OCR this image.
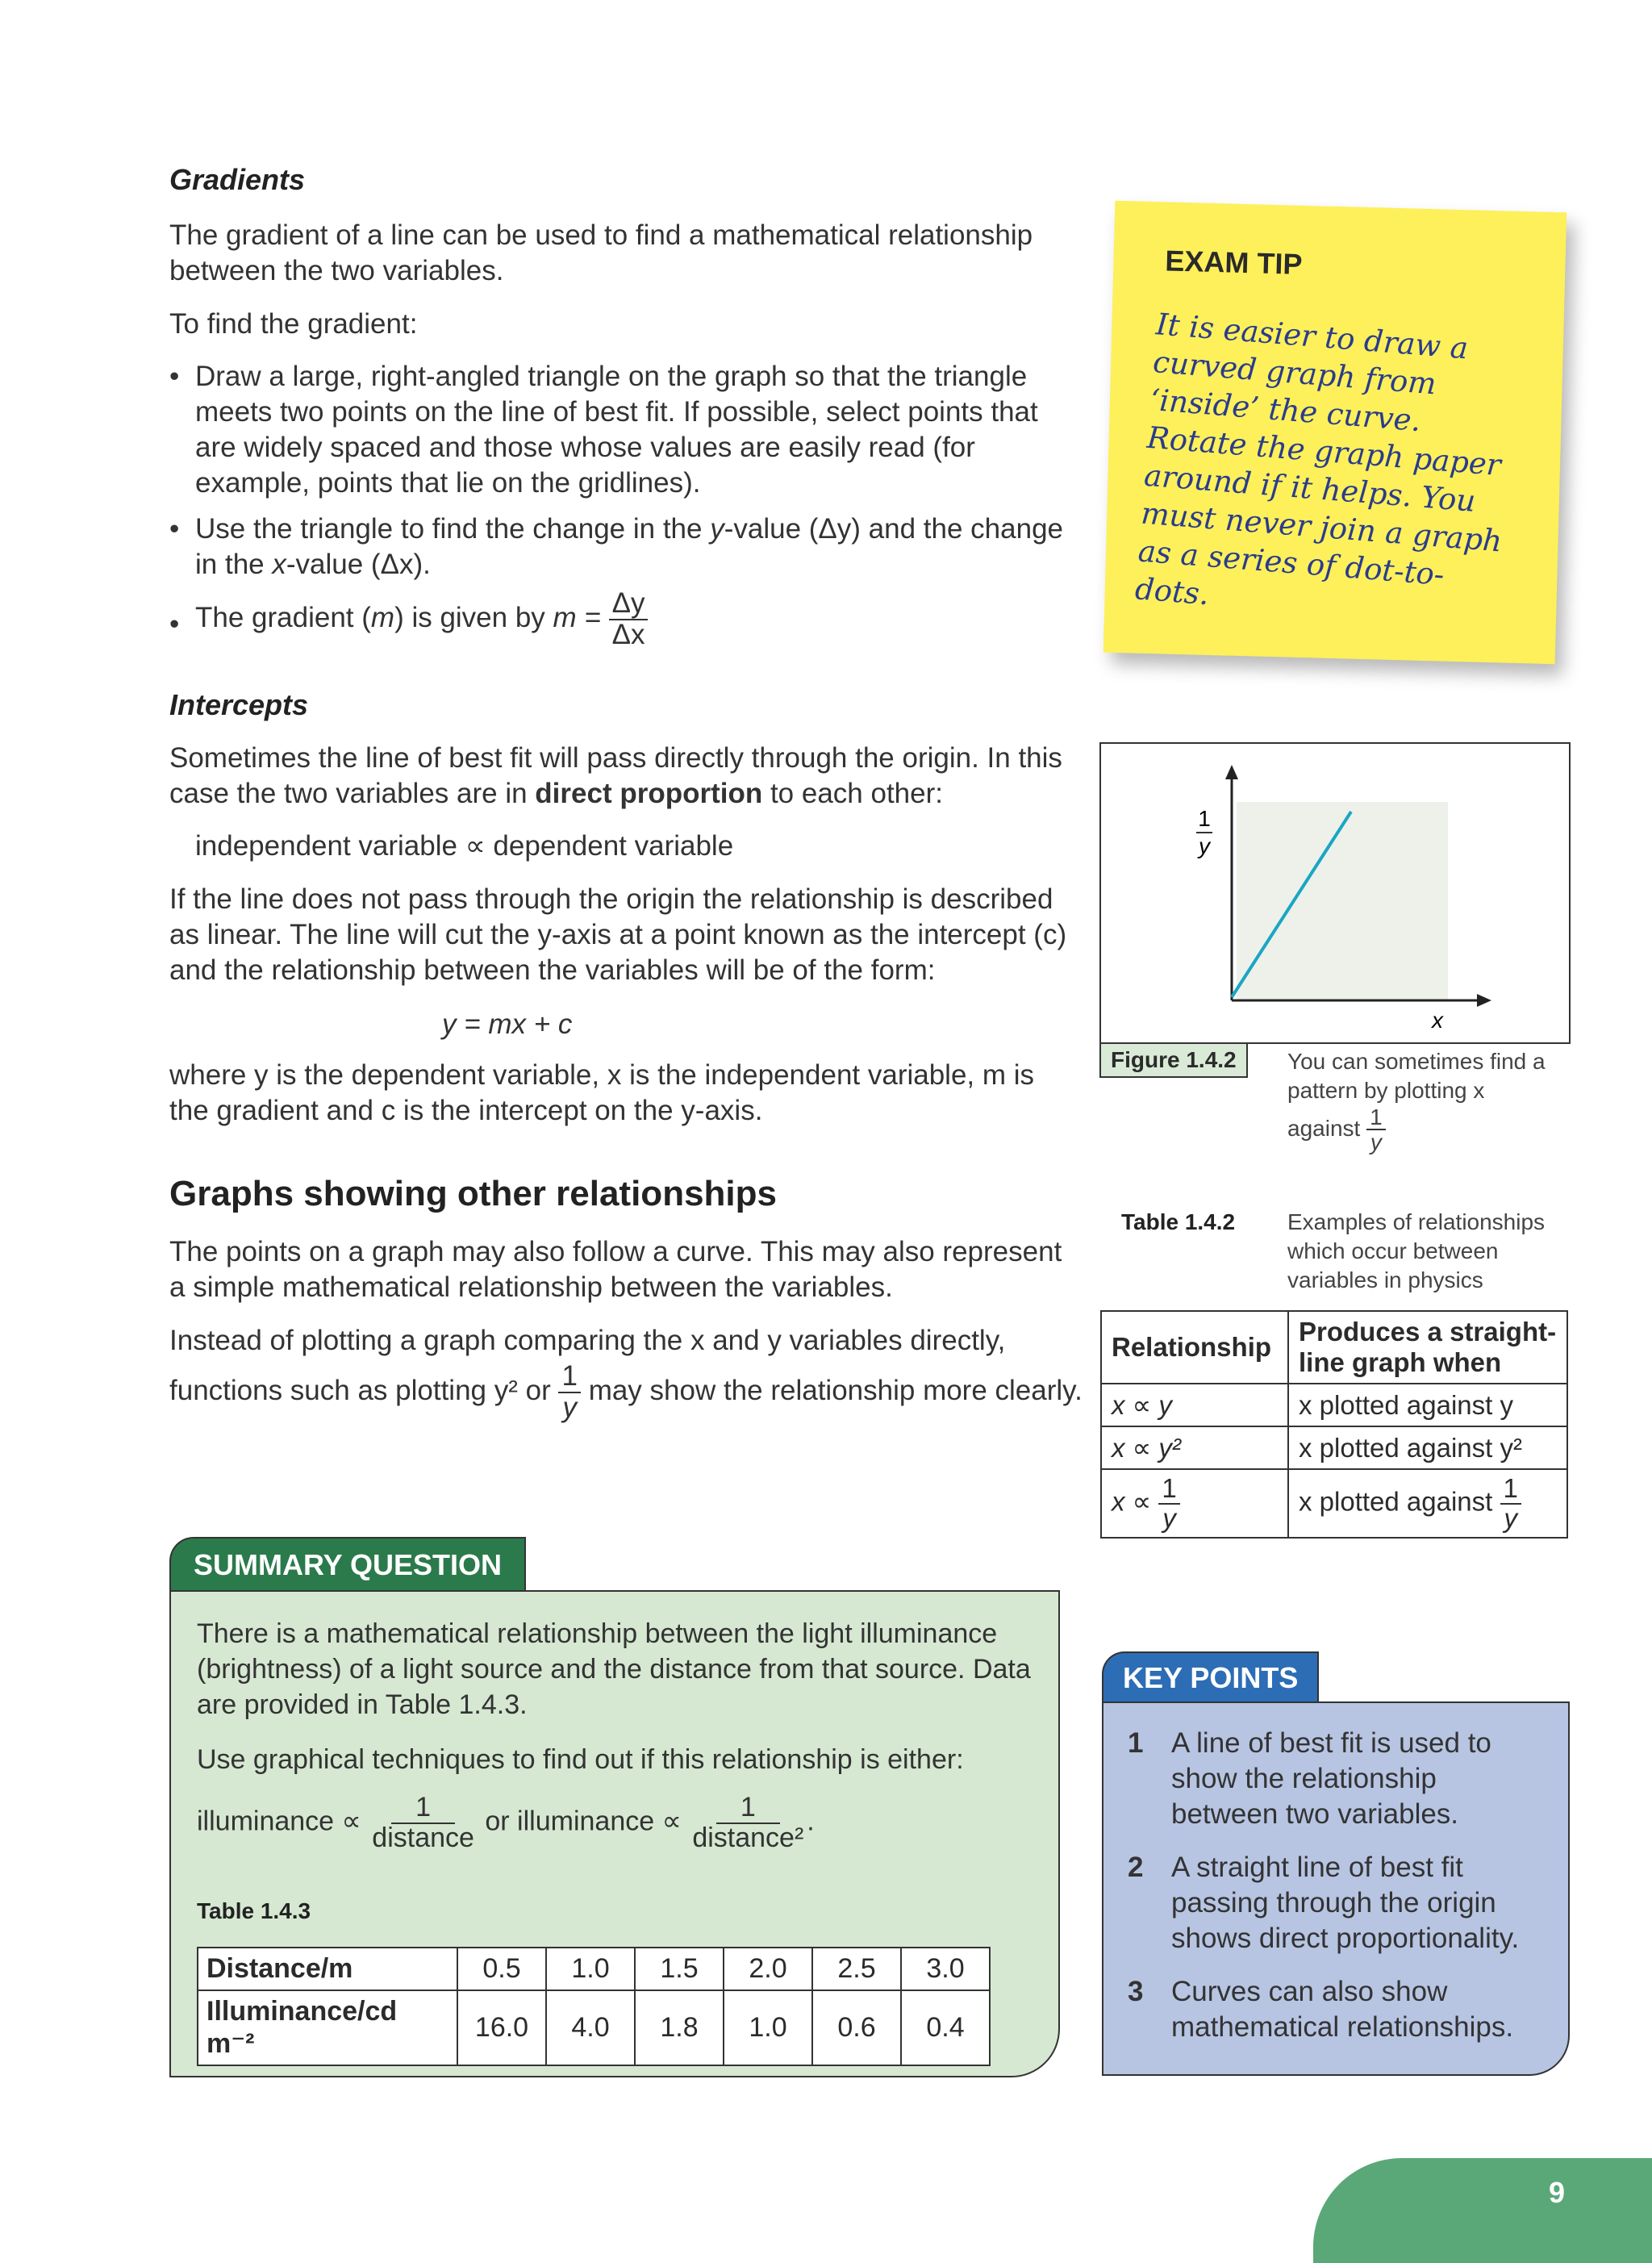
Gradients
The gradient of a line can be used to find a mathematical relationship between the two variables.
To find the gradient:
• Draw a large, right-angled triangle on the graph so that the triangle meets two points on the line of best fit. If possible, select points that are widely spaced and those whose values are easily read (for example, points that lie on the gridlines).
• Use the triangle to find the change in the y-value (Δy) and the change in the x-value (Δx).
• The gradient (m) is given by $m = \frac{\Delta y}{\Delta x}$
Intercepts
Sometimes the line of best fit will pass directly through the origin. In this case the two variables are in direct proportion to each other:
independent variable ∝ dependent variable
If the line does not pass through the origin the relationship is described as linear. The line will cut the y-axis at a point known as the intercept (c) and the relationship between the variables will be of the form:
y = mx + c
where y is the dependent variable, x is the independent variable, m is the gradient and c is the intercept on the y-axis.
Graphs showing other relationships
The points on a graph may also follow a curve. This may also represent a simple mathematical relationship between the variables.
Instead of plotting a graph comparing the x and y variables directly,
functions such as plotting y² or $\frac{1}{y}$ may show the relationship more clearly.
EXAM TIP
It is easier to draw a curved graph from ‘inside’ the curve. Rotate the graph paper around if it helps. You must never join a graph as a series of dot-to-dots.
1
y
x
Figure 1.4.2	You can sometimes find a pattern by plotting x against $\frac{1}{y}$
Table 1.4.2 Examples of relationships which occur between variables in physics
Relationship	Produces a straight-line graph when
x ∝ y	x plotted against y
x ∝ y²	x plotted against y²
$x \propto \frac{1}{y}$	x plotted against $\frac{1}{y}$
SUMMARY QUESTION
There is a mathematical relationship between the light illuminance (brightness) of a light source and the distance from that source. Data are provided in Table 1.4.3.
Use graphical techniques to find out if this relationship is either:
illuminance ∝ $\frac{1}{\text{distance}}$ or illuminance ∝ $\frac{1}{\text{distance²}}$ .
Table 1.4.3
Distance/m	0.5	1.0	1.5	2.0	2.5	3.0
Illuminance/cd m⁻²	16.0	4.0	1.8	1.0	0.6	0.4
KEY POINTS
1 A line of best fit is used to show the relationship between two variables.
2 A straight line of best fit passing through the origin shows direct proportionality.
3 Curves can also show mathematical relationships.
9
